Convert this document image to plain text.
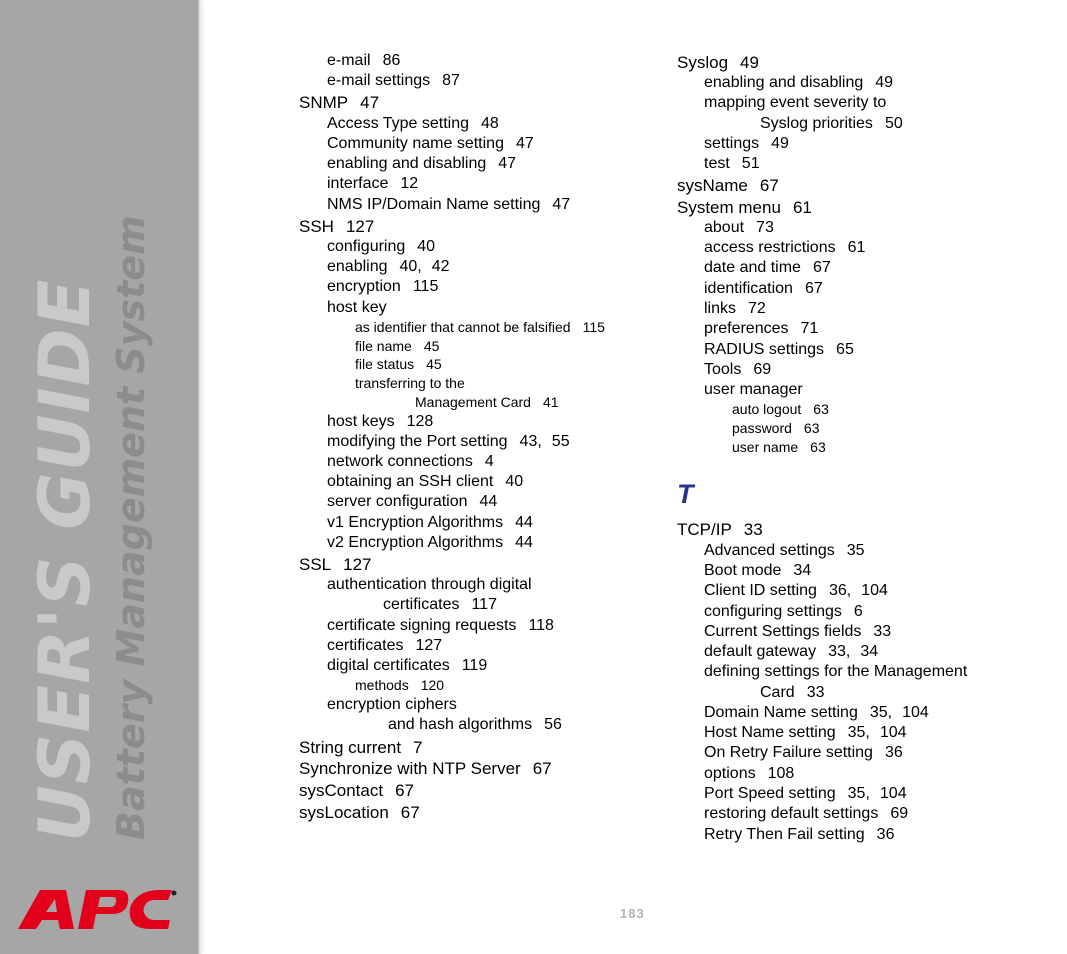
USER'S GUIDE Battery Management System
e-mail 86
e-mail settings 87
SNMP 47
Access Type setting 48
Community name setting 47
enabling and disabling 47
interface 12
NMS IP/Domain Name setting 47
SSH 127
configuring 40
enabling 40, 42
encryption 115
host key
as identifier that cannot be falsified 115
file name 45
file status 45
transferring to the
Management Card 41
host keys 128
modifying the Port setting 43, 55
network connections 4
obtaining an SSH client 40
server configuration 44
v1 Encryption Algorithms 44
v2 Encryption Algorithms 44
SSL 127
authentication through digital
certificates 117
certificate signing requests 118
certificates 127
digital certificates 119
methods 120
encryption ciphers
and hash algorithms 56
String current 7
Synchronize with NTP Server 67
sysContact 67
sysLocation 67
Syslog 49
enabling and disabling 49
mapping event severity to
Syslog priorities 50
settings 49
test 51
sysName 67
System menu 61
about 73
access restrictions 61
date and time 67
identification 67
links 72
preferences 71
RADIUS settings 65
Tools 69
user manager
auto logout 63
password 63
user name 63
TCP/IP 33
Advanced settings 35
Boot mode 34
Client ID setting 36, 104
configuring settings 6
Current Settings fields 33
default gateway 33, 34
defining settings for the Management
Card 33
Domain Name setting 35, 104
Host Name setting 35, 104
On Retry Failure setting 36
options 108
Port Speed setting 35, 104
restoring default settings 69
Retry Then Fail setting 36
T
183
